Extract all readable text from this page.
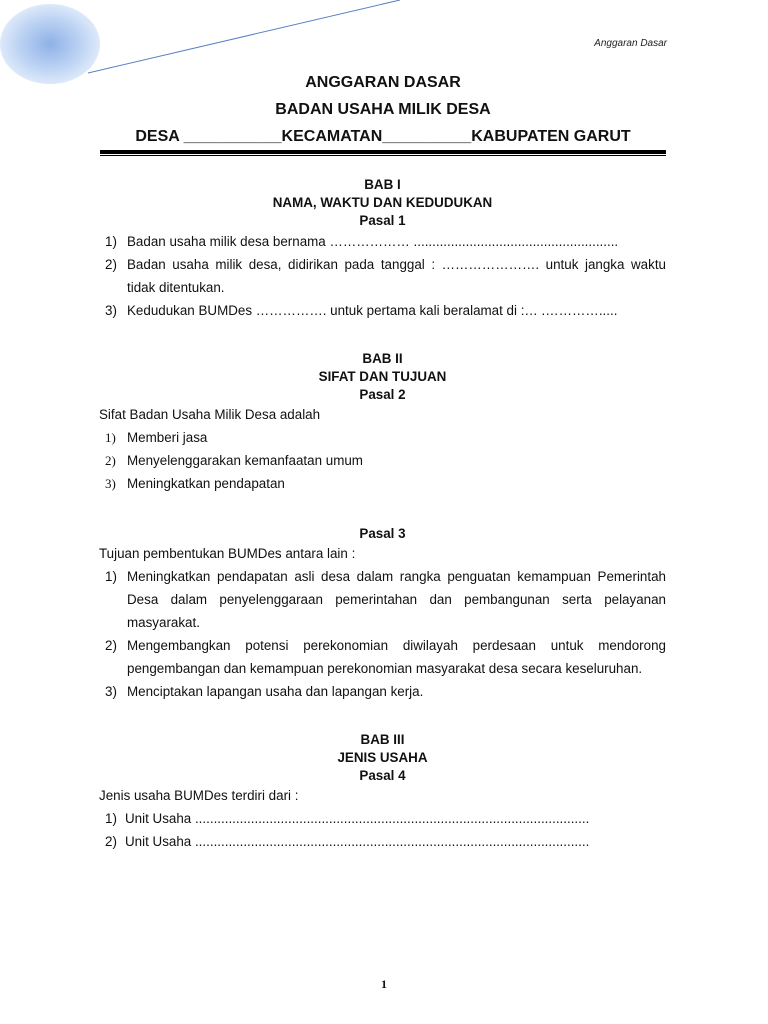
Anggaran Dasar
ANGGARAN DASAR
BADAN USAHA MILIK DESA
DESA ___________KECAMATAN__________KABUPATEN GARUT
BAB I
NAMA, WAKTU DAN KEDUDUKAN
Pasal 1
1) Badan usaha milik desa bernama ……………… .......................................................
2) Badan usaha milik desa, didirikan pada tanggal : …………………. untuk jangka waktu tidak ditentukan.
3) Kedudukan BUMDes ……………. untuk pertama kali beralamat di :… .………….....
BAB II
SIFAT DAN TUJUAN
Pasal 2

Sifat Badan Usaha Milik Desa adalah

1) Memberi jasa
2) Menyelenggarakan kemanfaatan umum
3) Meningkatkan pendapatan
Pasal 3

Tujuan pembentukan BUMDes antara lain :

1) Meningkatkan pendapatan asli desa dalam rangka penguatan kemampuan Pemerintah Desa dalam penyelenggaraan pemerintahan dan pembangunan serta pelayanan masyarakat.
2) Mengembangkan potensi perekonomian diwilayah perdesaan untuk mendorong pengembangan dan kemampuan perekonomian masyarakat desa secara keseluruhan.
3) Menciptakan lapangan usaha dan lapangan kerja.
BAB III
JENIS USAHA
Pasal 4

Jenis usaha BUMDes terdiri dari :

1) Unit Usaha ..........................................................................................................
2) Unit Usaha ..........................................................................................................
1
